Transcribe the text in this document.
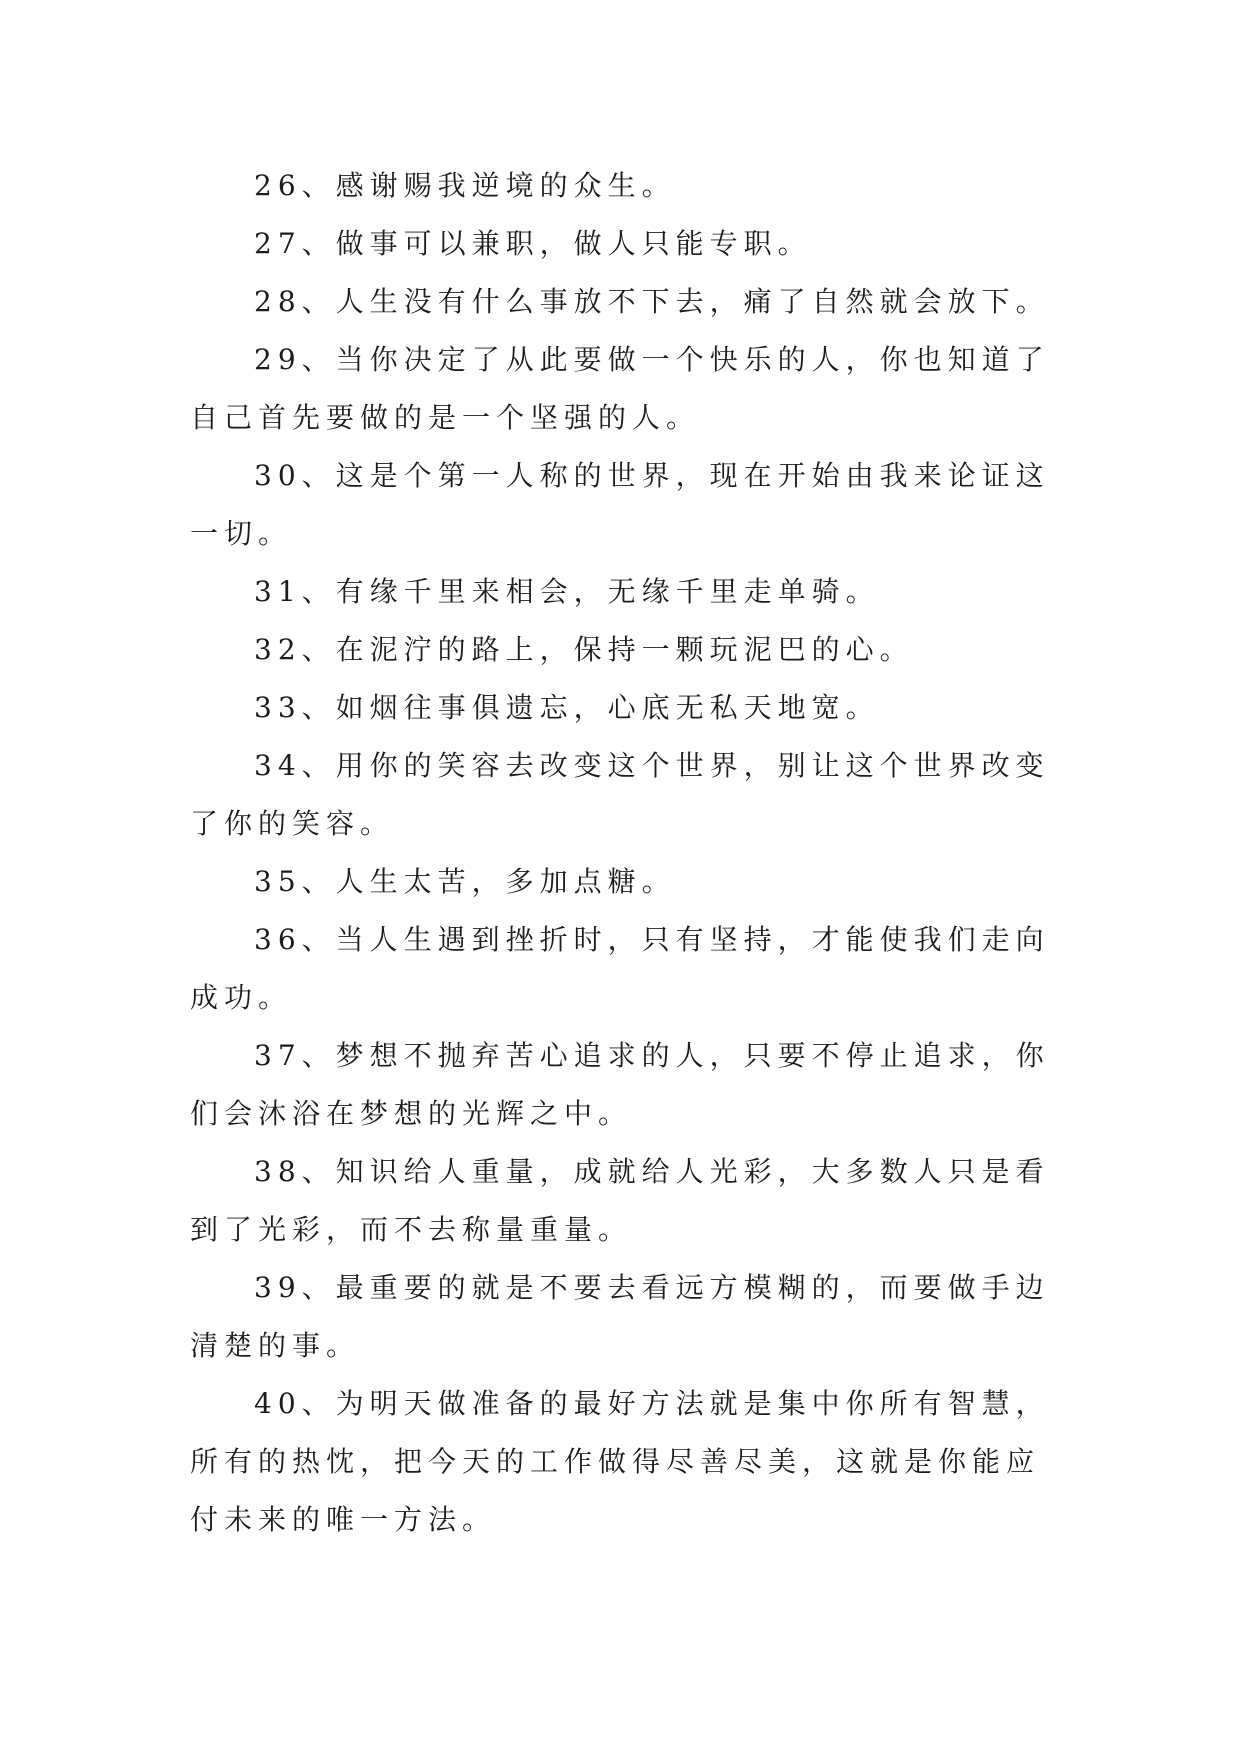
26、感谢赐我逆境的众生。

27、做事可以兼职，做人只能专职。

28、人生没有什么事放不下去，痛了自然就会放下。

29、当你决定了从此要做一个快乐的人，你也知道了自己首先要做的是一个坚强的人。

30、这是个第一人称的世界，现在开始由我来论证这一切。

31、有缘千里来相会，无缘千里走单骑。

32、在泥泞的路上，保持一颗玩泥巴的心。

33、如烟往事俱遗忘，心底无私天地宽。

34、用你的笑容去改变这个世界，别让这个世界改变了你的笑容。

35、人生太苦，多加点糖。

36、当人生遇到挫折时，只有坚持，才能使我们走向成功。

37、梦想不抛弃苦心追求的人，只要不停止追求，你们会沐浴在梦想的光辉之中。

38、知识给人重量，成就给人光彩，大多数人只是看到了光彩，而不去称量重量。

39、最重要的就是不要去看远方模糊的，而要做手边清楚的事。

40、为明天做准备的最好方法就是集中你所有智慧，所有的热忱，把今天的工作做得尽善尽美，这就是你能应付未来的唯一方法。
